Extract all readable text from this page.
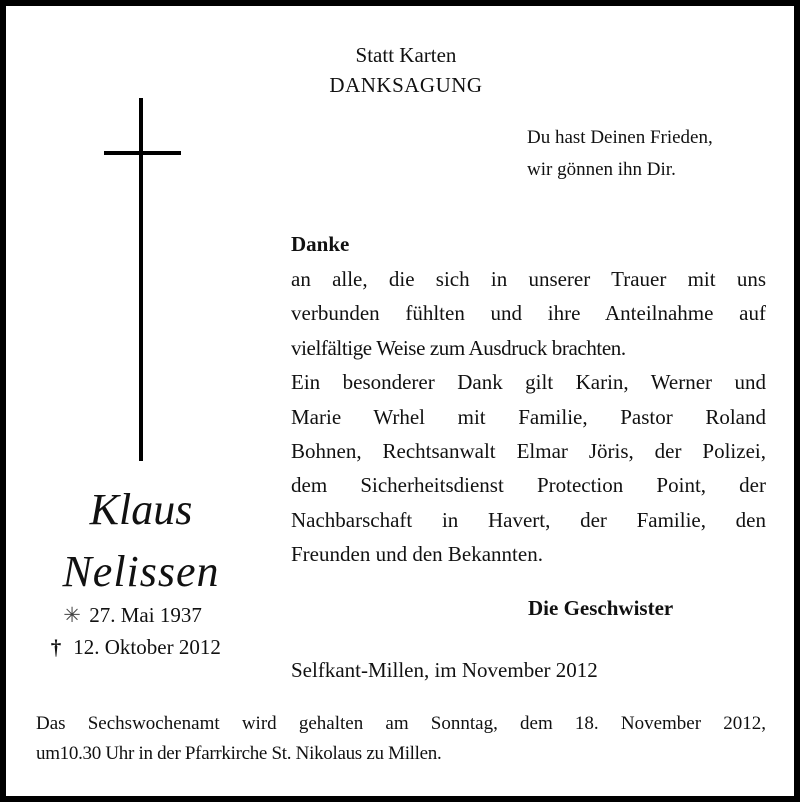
Statt Karten
DANKSAGUNG
Du hast Deinen Frieden,
wir gönnen ihn Dir.
Klaus
Nelissen
✳ 27. Mai 1937
† 12. Oktober 2012
Danke
an alle, die sich in unserer Trauer mit uns
verbunden fühlten und ihre Anteilnahme auf
vielfältige Weise zum Ausdruck brachten.
Ein besonderer Dank gilt Karin, Werner und
Marie Wrhel mit Familie, Pastor Roland
Bohnen, Rechtsanwalt Elmar Jöris, der Polizei,
dem Sicherheitsdienst Protection Point, der
Nachbarschaft in Havert, der Familie, den
Freunden und den Bekannten.
Die Geschwister
Selfkant-Millen, im November 2012
Das Sechswochenamt wird gehalten am Sonntag, dem 18. November 2012,
um10.30 Uhr in der Pfarrkirche St. Nikolaus zu Millen.
